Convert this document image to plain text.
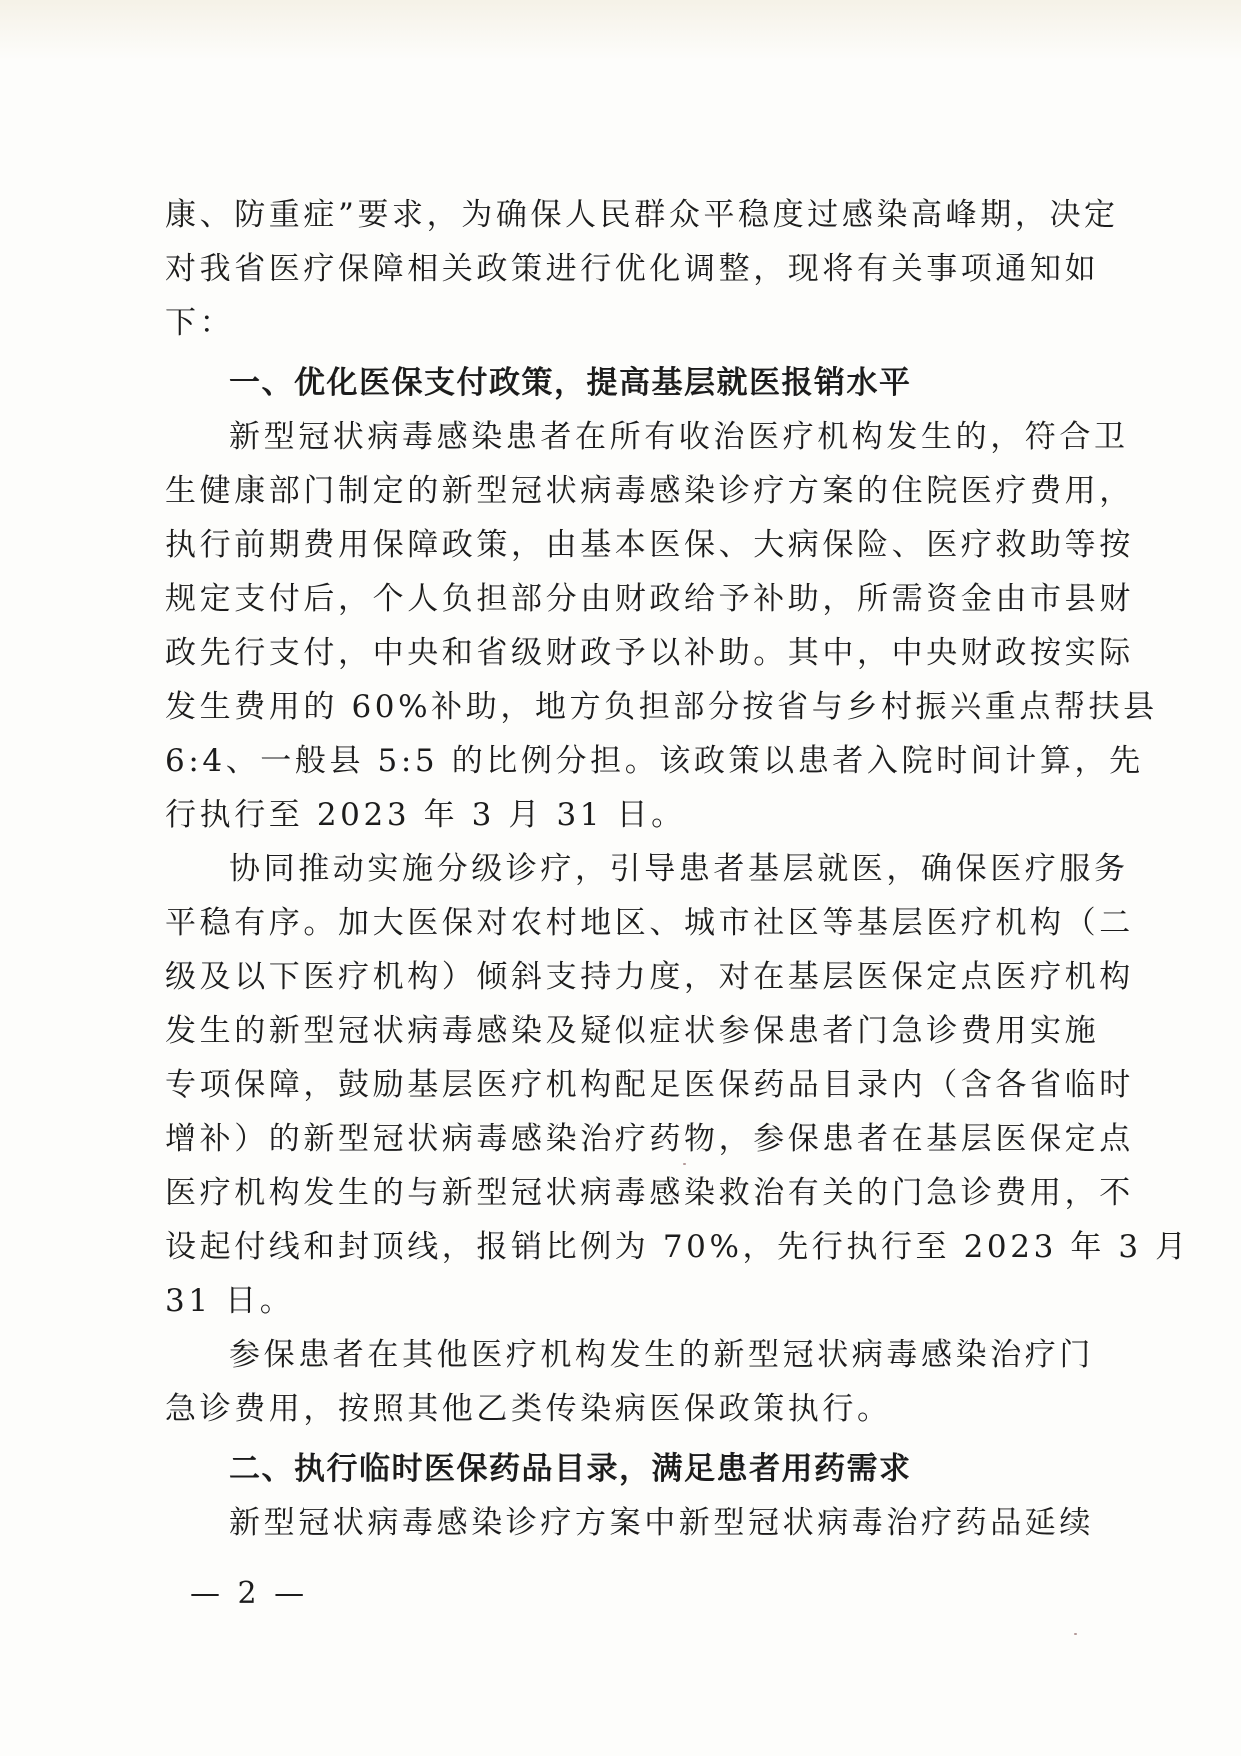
康、防重症”要求，为确保人民群众平稳度过感染高峰期，决定
对我省医疗保障相关政策进行优化调整，现将有关事项通知如
下：
一、优化医保支付政策，提高基层就医报销水平
新型冠状病毒感染患者在所有收治医疗机构发生的，符合卫
生健康部门制定的新型冠状病毒感染诊疗方案的住院医疗费用，
执行前期费用保障政策，由基本医保、大病保险、医疗救助等按
规定支付后，个人负担部分由财政给予补助，所需资金由市县财
政先行支付，中央和省级财政予以补助。其中，中央财政按实际
发生费用的 60%补助，地方负担部分按省与乡村振兴重点帮扶县
6:4、一般县 5:5 的比例分担。该政策以患者入院时间计算，先
行执行至 2023 年 3 月 31 日。
协同推动实施分级诊疗，引导患者基层就医，确保医疗服务
平稳有序。加大医保对农村地区、城市社区等基层医疗机构（二
级及以下医疗机构）倾斜支持力度，对在基层医保定点医疗机构
发生的新型冠状病毒感染及疑似症状参保患者门急诊费用实施
专项保障，鼓励基层医疗机构配足医保药品目录内（含各省临时
增补）的新型冠状病毒感染治疗药物，参保患者在基层医保定点
医疗机构发生的与新型冠状病毒感染救治有关的门急诊费用，不
设起付线和封顶线，报销比例为 70%，先行执行至 2023 年 3 月
31 日。
参保患者在其他医疗机构发生的新型冠状病毒感染治疗门
急诊费用，按照其他乙类传染病医保政策执行。
二、执行临时医保药品目录，满足患者用药需求
新型冠状病毒感染诊疗方案中新型冠状病毒治疗药品延续
— 2 —
